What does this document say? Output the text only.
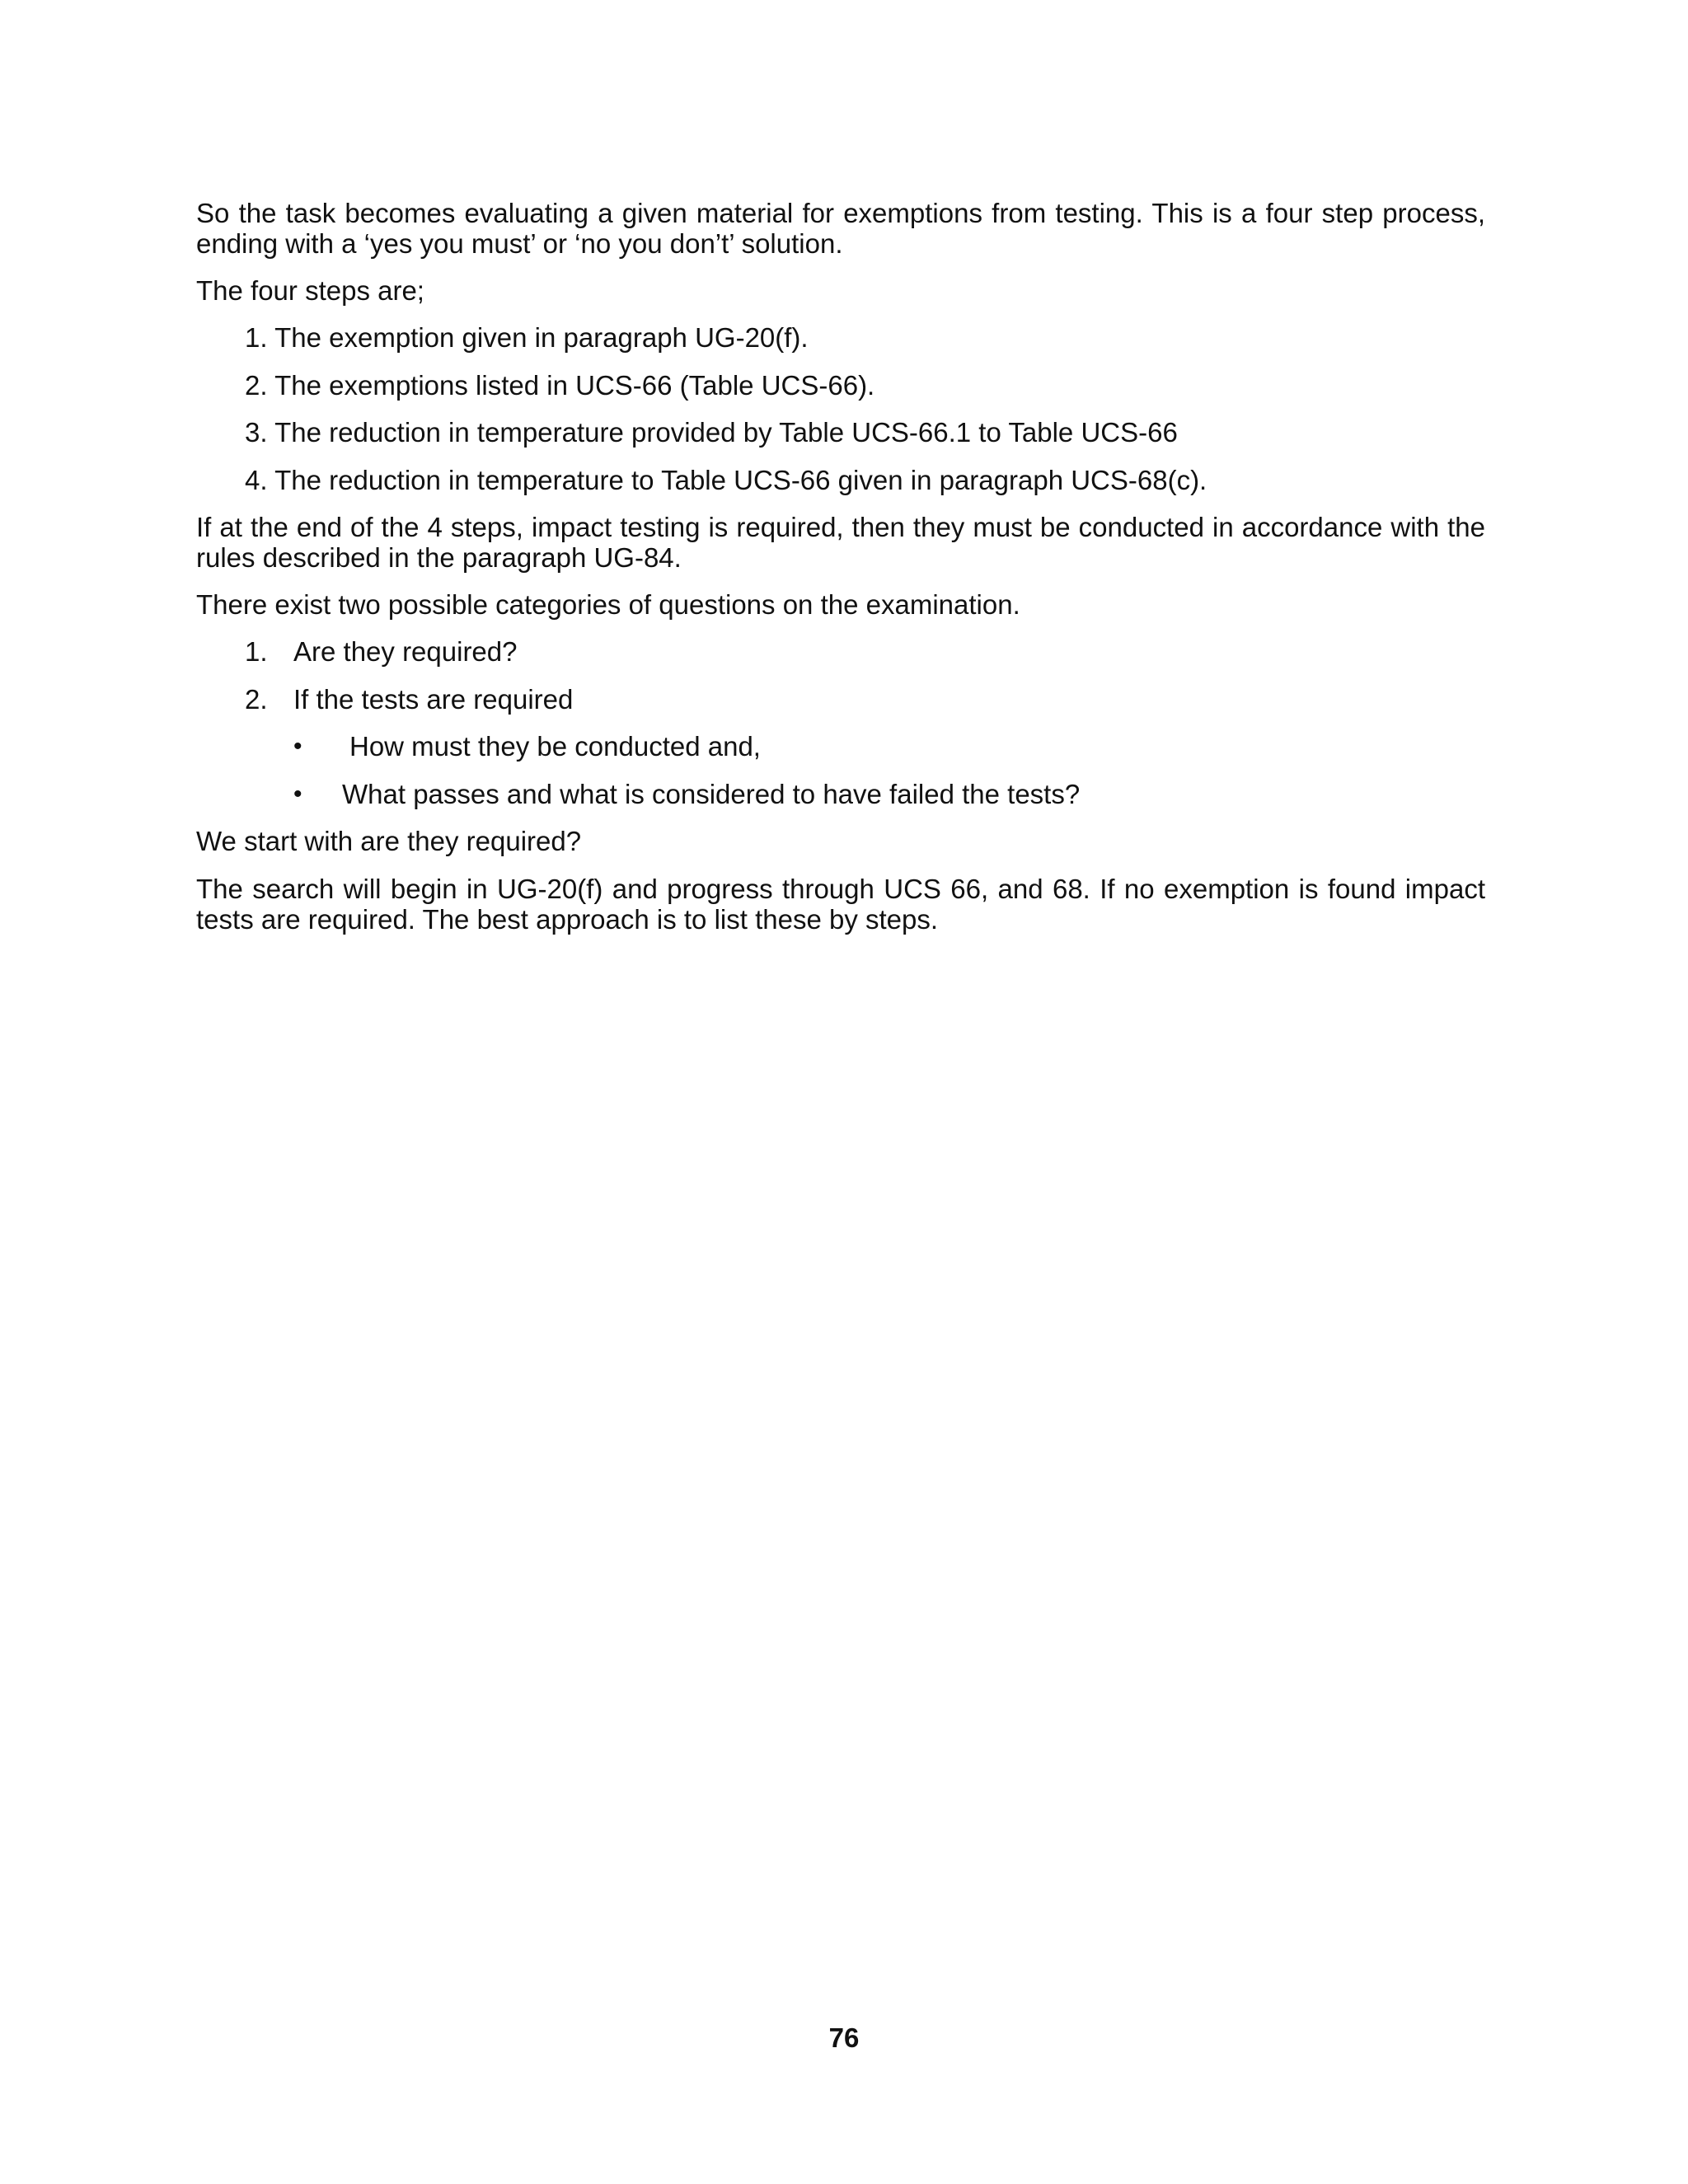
So the task becomes evaluating a given material for exemptions from testing. This is a four step process, ending with a ‘yes you must’ or ‘no you don’t’ solution.
The four steps are;
1. The exemption given in paragraph UG-20(f).
2. The exemptions listed in UCS-66 (Table UCS-66).
3. The reduction in temperature provided by Table UCS-66.1 to Table UCS-66
4. The reduction in temperature to Table UCS-66 given in paragraph UCS-68(c).
If at the end of the 4 steps, impact testing is required, then they must be conducted in accordance with the rules described in the paragraph UG-84.
There exist two possible categories of questions on the examination.
1. Are they required?
2. If the tests are required
• How must they be conducted and,
• What passes and what is considered to have failed the tests?
We start with are they required?
The search will begin in UG-20(f) and progress through UCS 66, and 68. If no exemption is found impact tests are required. The best approach is to list these by steps.
76
